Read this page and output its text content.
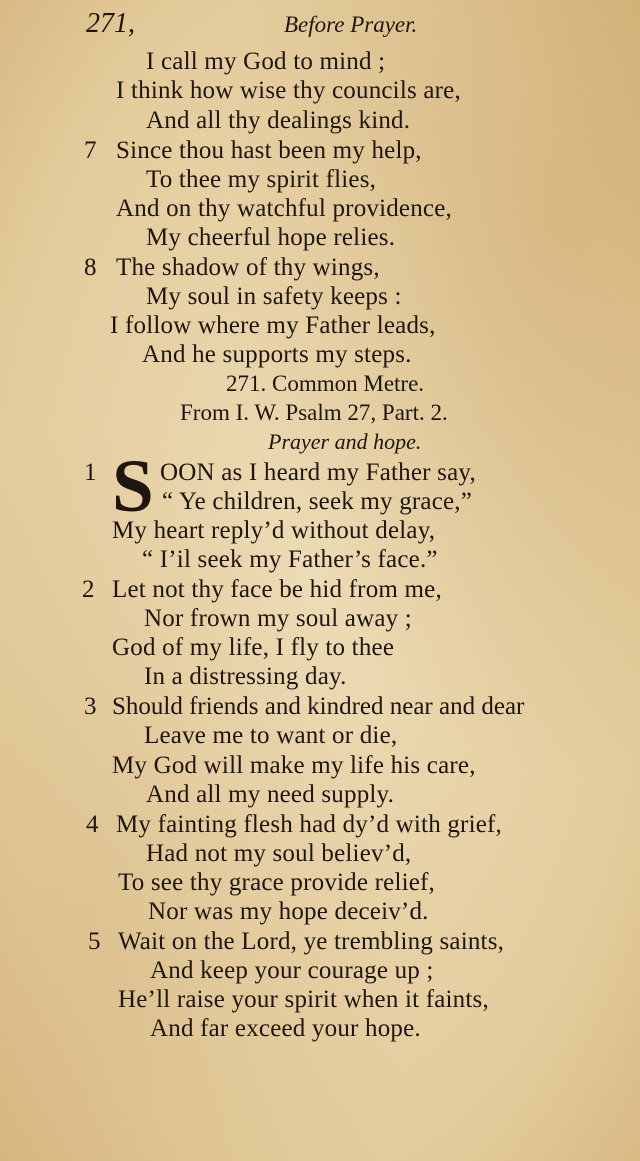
271,	Before Prayer.
I call my God to mind ;
I think how wise thy councils are,
And all thy dealings kind.
7 Since thou hast been my help,
To thee my spirit flies,
And on thy watchful providence,
My cheerful hope relies.
8 The shadow of thy wings,
My soul in safety keeps :
I follow where my Father leads,
And he supports my steps.
271. Common Metre.
From I. W. Psalm 27, Part. 2.
Prayer and hope.
1 S OON as I heard my Father say,
“ Ye children, seek my grace,”
My heart reply’d without delay,
“ I’il seek my Father’s face.”
2 Let not thy face be hid from me,
Nor frown my soul away ;
God of my life, I fly to thee
In a distressing day.
3 Should friends and kindred near and dear
Leave me to want or die,
My God will make my life his care,
And all my need supply.
4 My fainting flesh had dy’d with grief,
Had not my soul believ’d,
To see thy grace provide relief,
Nor was my hope deceiv’d.
5 Wait on the Lord, ye trembling saints,
And keep your courage up ;
He’ll raise your spirit when it faints,
And far exceed your hope.
